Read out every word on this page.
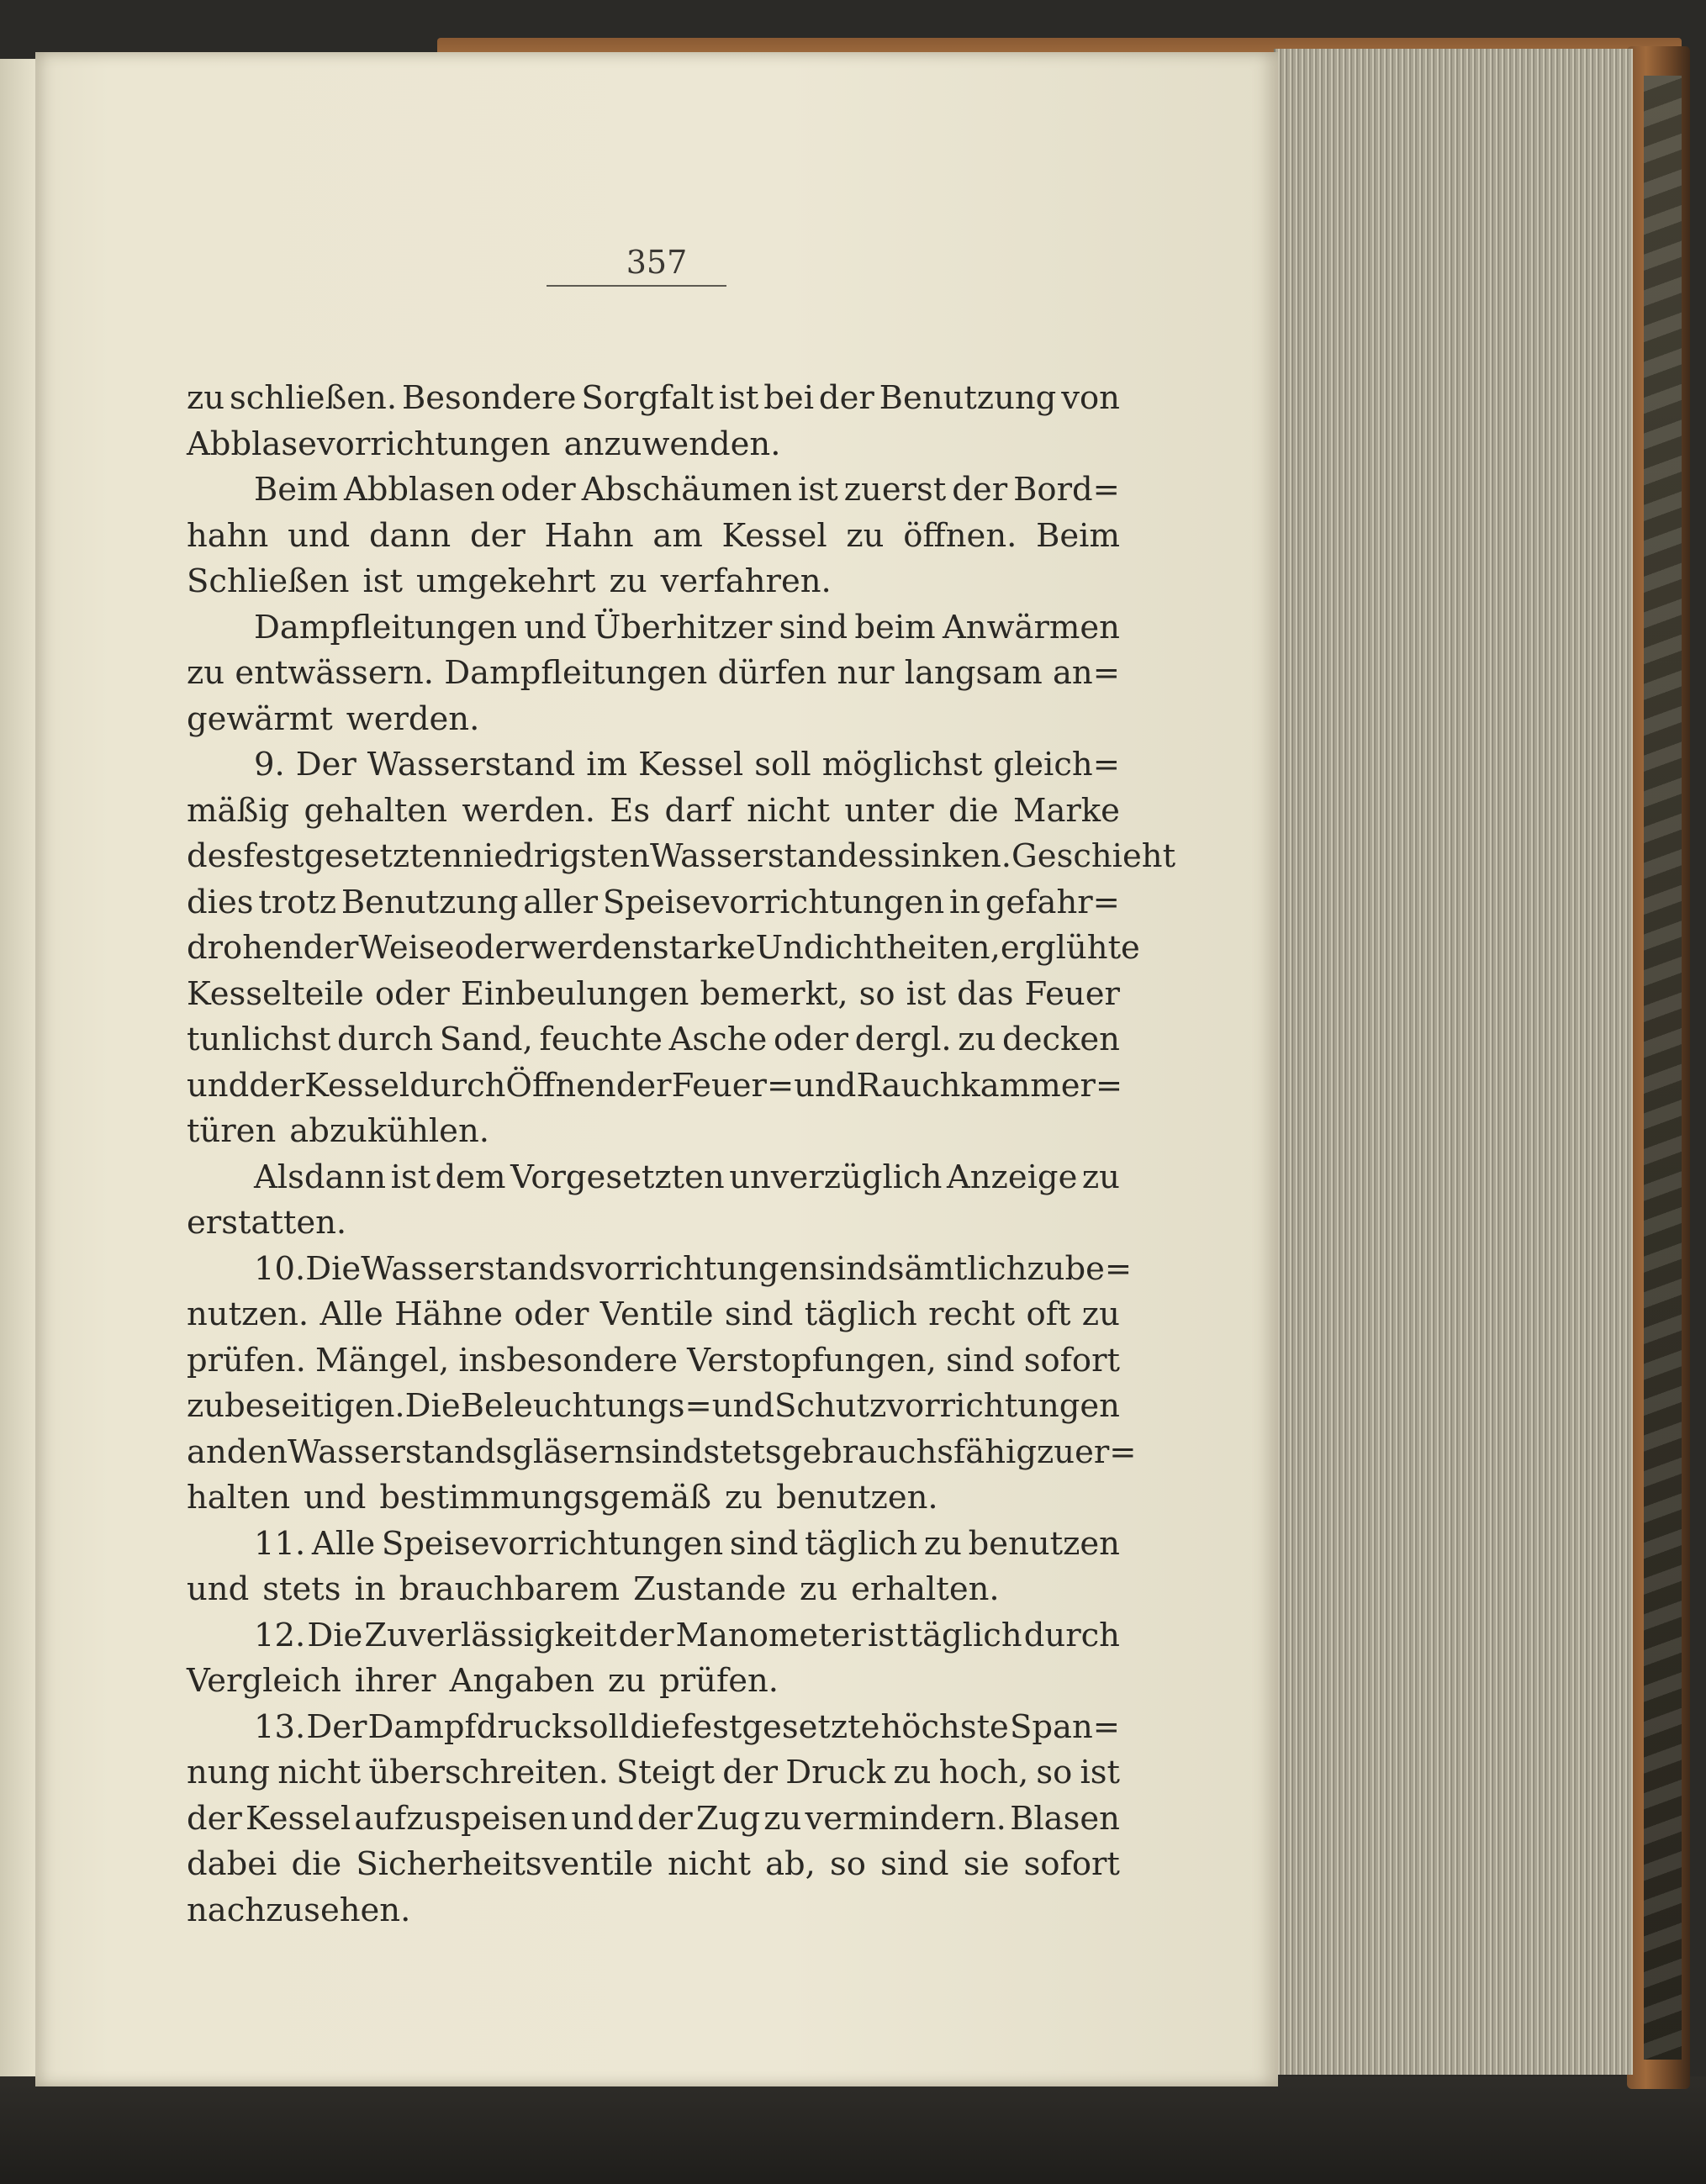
357
zu schließen. Besondere Sorgfalt ist bei der Benutzung von
Abblasevorrichtungen anzuwenden.
Beim Abblasen oder Abschäumen ist zuerst der Bord=
hahn und dann der Hahn am Kessel zu öffnen. Beim
Schließen ist umgekehrt zu verfahren.
Dampfleitungen und Überhitzer sind beim Anwärmen
zu entwässern. Dampfleitungen dürfen nur langsam an=
gewärmt werden.
9. Der Wasserstand im Kessel soll möglichst gleich=
mäßig gehalten werden. Es darf nicht unter die Marke
des festgesetzten niedrigsten Wasserstandes sinken. Geschieht
dies trotz Benutzung aller Speisevorrichtungen in gefahr=
drohender Weise oder werden starke Undichtheiten, erglühte
Kesselteile oder Einbeulungen bemerkt, so ist das Feuer
tunlichst durch Sand, feuchte Asche oder dergl. zu decken
und der Kessel durch Öffnen der Feuer= und Rauchkammer=
türen abzukühlen.
Alsdann ist dem Vorgesetzten unverzüglich Anzeige zu
erstatten.
10. Die Wasserstandsvorrichtungen sind sämtlich zu be=
nutzen. Alle Hähne oder Ventile sind täglich recht oft zu
prüfen. Mängel, insbesondere Verstopfungen, sind sofort
zu beseitigen. Die Beleuchtungs= und Schutzvorrichtungen
an den Wasserstandsgläsern sind stets gebrauchsfähig zu er=
halten und bestimmungsgemäß zu benutzen.
11. Alle Speisevorrichtungen sind täglich zu benutzen
und stets in brauchbarem Zustande zu erhalten.
12. Die Zuverlässigkeit der Manometer ist täglich durch
Vergleich ihrer Angaben zu prüfen.
13. Der Dampfdruck soll die festgesetzte höchste Span=
nung nicht überschreiten. Steigt der Druck zu hoch, so ist
der Kessel aufzuspeisen und der Zug zu vermindern. Blasen
dabei die Sicherheitsventile nicht ab, so sind sie sofort
nachzusehen.
